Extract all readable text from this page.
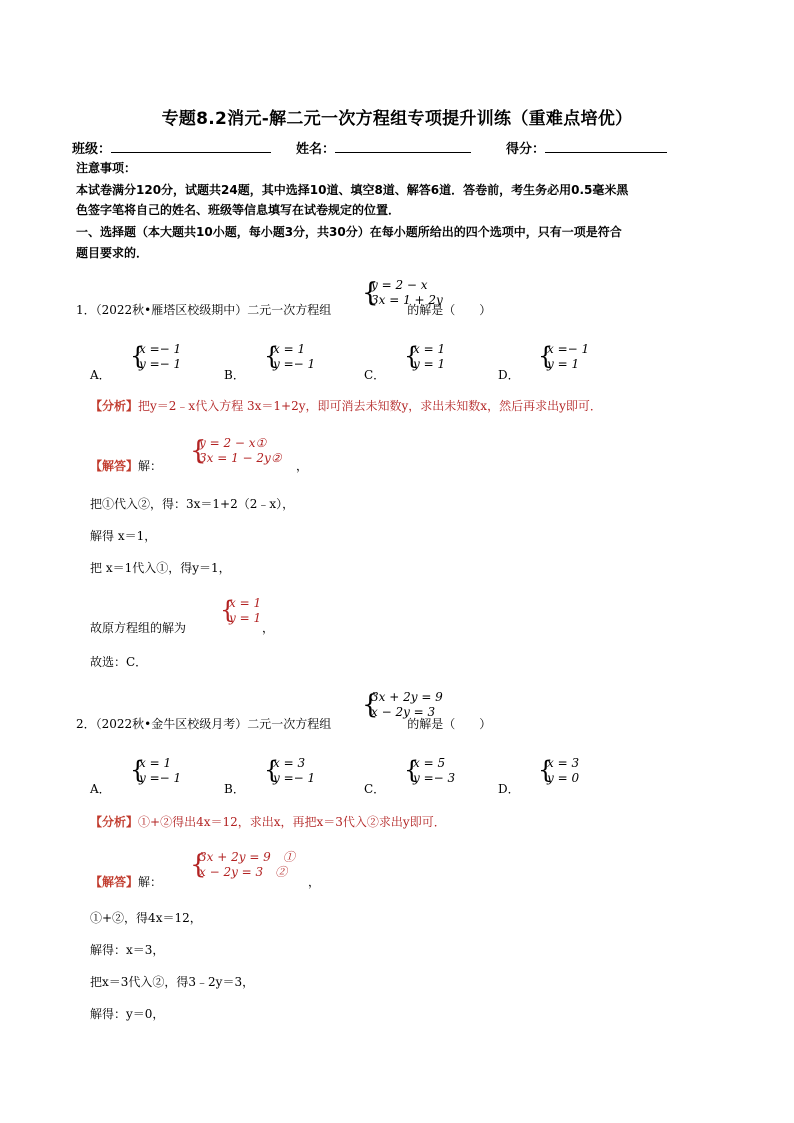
专题8.2消元-解二元一次方程组专项提升训练（重难点培优）
班级：	姓名：	得分：
注意事项：
本试卷满分120分，试题共24题，其中选择10道、填空8道、解答6道．答卷前，考生务必用0.5毫米黑
色签字笔将自己的姓名、班级等信息填写在试卷规定的位置．
一、选择题（本大题共10小题，每小题3分，共30分）在每小题所给出的四个选项中，只有一项是符合
题目要求的．
1．（2022秋•雁塔区校级期中）二元一次方程组	的解是（　　）
{
y = 2 − x
3x = 1 + 2y
A．
{
x =− 1
y =− 1
B．
{
x = 1
y =− 1
C．
{
x = 1
y = 1
D．
{
x =− 1
y = 1
【分析】把y＝2﹣x代入方程 3x＝1+2y，即可消去未知数y，求出未知数x，然后再求出y即可．
【解答】解： {
y = 2 − x①
3x = 1 − 2y②
，
把①代入②，得：3x＝1+2（2﹣x），
解得 x＝1，
把 x＝1代入①，得y＝1，
故原方程组的解为
{
x = 1
y = 1
，
故选：C．
2．（2022秋•金牛区校级月考）二元一次方程组	的解是（　　）
{
3x + 2y = 9
x − 2y = 3
A．
{
x = 1
y =− 1
B．
{
x = 3
y =− 1
C．
{
x = 5
y =− 3
D．
{
x = 3
y = 0
【分析】①+②得出4x＝12，求出x，再把x＝3代入②求出y即可．
【解答】解：
{
3x + 2y = 9　①
x − 2y = 3　②
，
①+②，得4x＝12，
解得：x＝3，
把x＝3代入②，得3﹣2y＝3，
解得：y＝0，
